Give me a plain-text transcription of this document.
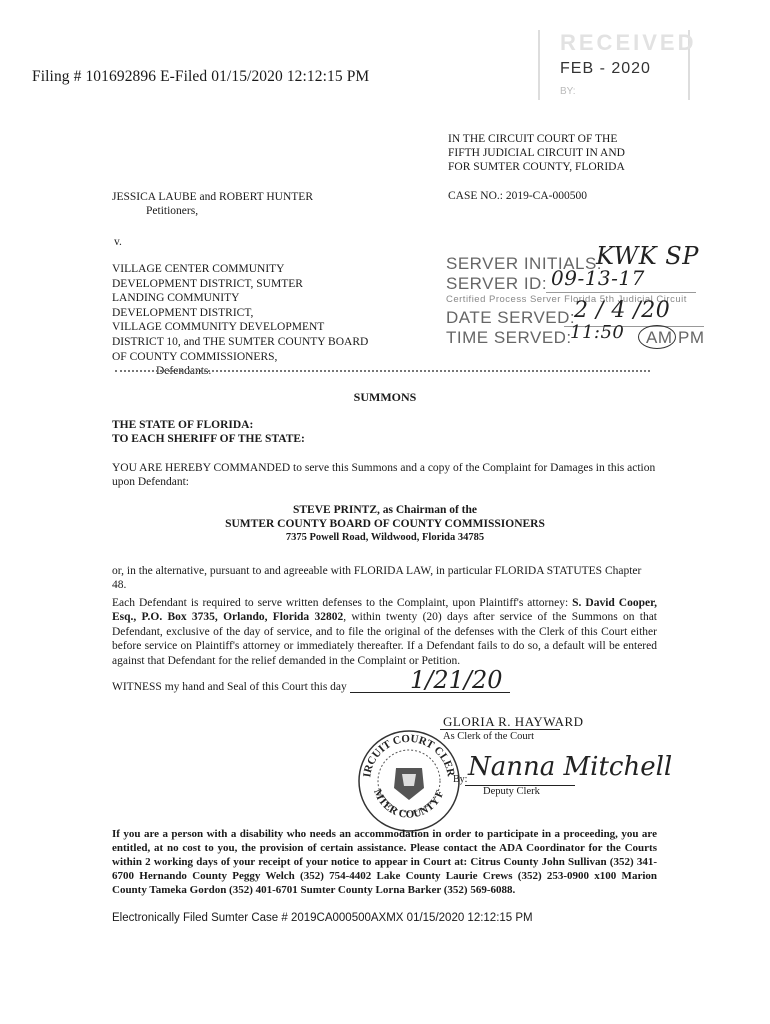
Filing # 101692896 E-Filed 01/15/2020 12:12:15 PM
RECEIVED
FEB - 2020
BY:
IN THE CIRCUIT COURT OF THE
FIFTH JUDICIAL CIRCUIT IN AND
FOR SUMTER COUNTY, FLORIDA
JESSICA LAUBE and ROBERT HUNTER
Petitioners,
CASE NO.: 2019-CA-000500
v.
VILLAGE CENTER COMMUNITY
DEVELOPMENT DISTRICT, SUMTER
LANDING COMMUNITY
DEVELOPMENT DISTRICT,
VILLAGE COMMUNITY DEVELOPMENT
DISTRICT 10, and THE SUMTER COUNTY BOARD
OF COUNTY COMMISSIONERS,
Defendants.
SERVER INITIALS:
KWK SP
SERVER ID: 09-13-17
Certified Process Server Florida 5th Judicial Circuit
DATE SERVED:
2 / 4 /20
TIME SERVED:
11:50 AM PM
SUMMONS
THE STATE OF FLORIDA:
TO EACH SHERIFF OF THE STATE:

YOU ARE HEREBY COMMANDED to serve this Summons and a copy of the Complaint for Damages in this action upon Defendant:

STEVE PRINTZ, as Chairman of the
SUMTER COUNTY BOARD OF COUNTY COMMISSIONERS
7375 Powell Road, Wildwood, Florida 34785

or, in the alternative, pursuant to and agreeable with FLORIDA LAW, in particular FLORIDA STATUTES Chapter 48.

Each Defendant is required to serve written defenses to the Complaint, upon Plaintiff's attorney: S. David Cooper, Esq., P.O. Box 3735, Orlando, Florida 32802, within twenty (20) days after service of the Summons on that Defendant, exclusive of the day of service, and to file the original of the defenses with the Clerk of this Court either before service on Plaintiff's attorney or immediately thereafter. If a Defendant fails to do so, a default will be entered against that Defendant for the relief demanded in the Complaint or Petition.

WITNESS my hand and Seal of this Court this day	1/21/20
GLORIA R. HAYWARD
As Clerk of the Court
IRCUIT COURT CLER
MTER COUNTY F
By: Nanna Mitchell
Deputy Clerk

If you are a person with a disability who needs an accommodation in order to participate in a proceeding, you are entitled, at no cost to you, the provision of certain assistance. Please contact the ADA Coordinator for the Courts within 2 working days of your receipt of your notice to appear in Court at: Citrus County John Sullivan (352) 341-6700 Hernando County Peggy Welch (352) 754-4402 Lake County Laurie Crews (352) 253-0900 x100 Marion County Tameka Gordon (352) 401-6701 Sumter County Lorna Barker (352) 569-6088.

Electronically Filed Sumter Case # 2019CA000500AXMX 01/15/2020 12:12:15 PM
